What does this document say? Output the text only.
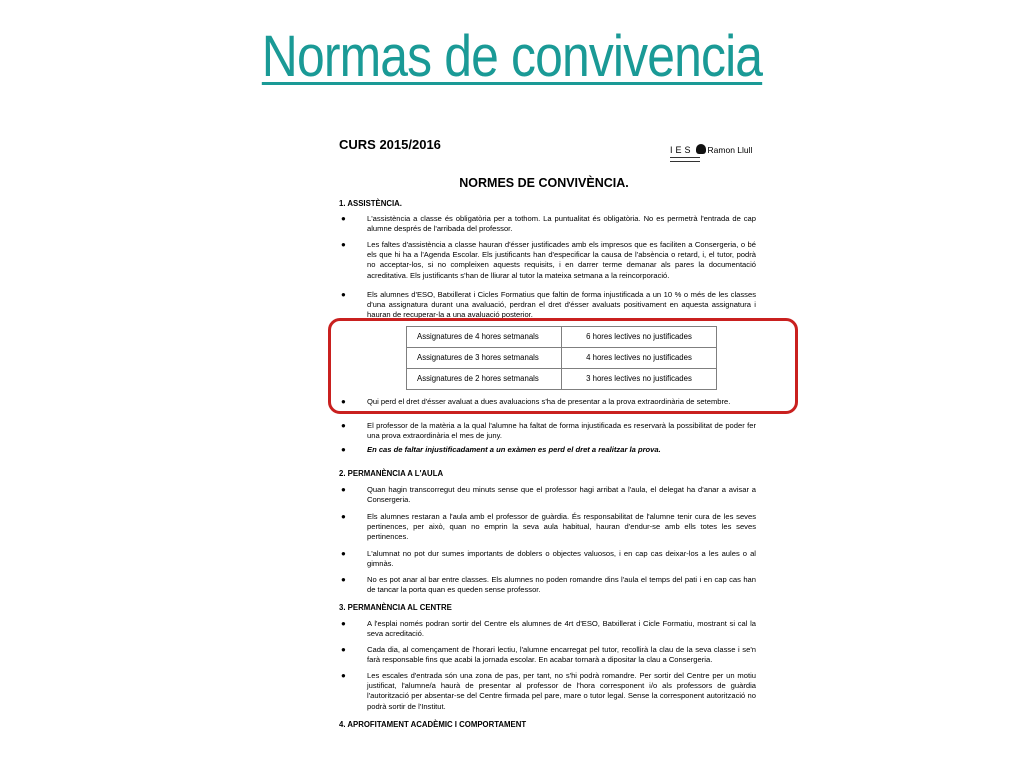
Normas de convivencia
CURS 2015/2016	IES Ramon Llull
NORMES DE CONVIVÈNCIA.
1. ASSISTÈNCIA.
●	L'assistència a classe és obligatòria per a tothom. La puntualitat és obligatòria. No es permetrà l'entrada de cap alumne després de l'arribada del professor.
●	Les faltes d'assistència a classe hauran d'ésser justificades amb els impresos que es faciliten a Consergeria, o bé els que hi ha a l'Agenda Escolar. Els justificants han d'especificar la causa de l'absència o retard, i, el tutor, podrà no acceptar-los, si no compleixen aquests requisits, i en darrer terme demanar als pares la documentació acreditativa. Els justificants s'han de lliurar al tutor la mateixa setmana a la reincorporació.
●	Els alumnes d'ESO, Batxillerat i Cicles Formatius que faltin de forma injustificada a un 10 % o més de les classes d'una assignatura durant una avaluació, perdran el dret d'ésser avaluats positivament en aquesta assignatura i hauran de recuperar-la a una avaluació posterior.
Assignatures de 4 hores setmanals	6 hores lectives no justificades
Assignatures de 3 hores setmanals	4 hores lectives no justificades
Assignatures de 2 hores setmanals	3 hores lectives no justificades
●	Qui perd el dret d'ésser avaluat a dues avaluacions s'ha de presentar a la prova extraordinària de setembre.
●	El professor de la matèria a la qual l'alumne ha faltat de forma injustificada es reservarà la possibilitat de poder fer una prova extraordinària el mes de juny.
●	En cas de faltar injustificadament a un exàmen es perd el dret a realitzar la prova.
2. PERMANÈNCIA A L'AULA
●	Quan hagin transcorregut deu minuts sense que el professor hagi arribat a l'aula, el delegat ha d'anar a avisar a Consergeria.
●	Els alumnes restaran a l'aula amb el professor de guàrdia. És responsabilitat de l'alumne tenir cura de les seves pertinences, per això, quan no emprin la seva aula habitual, hauran d'endur-se amb ells totes les seves pertinences.
●	L'alumnat no pot dur sumes importants de doblers o objectes valuosos, i en cap cas deixar-los a les aules o al gimnàs.
●	No es pot anar al bar entre classes. Els alumnes no poden romandre dins l'aula el temps del pati i en cap cas han de tancar la porta quan es queden sense professor.
3. PERMANÈNCIA AL CENTRE
●	A l'esplai només podran sortir del Centre els alumnes de 4rt d'ESO, Batxillerat i Cicle Formatiu, mostrant si cal la seva acreditació.
●	Cada dia, al començament de l'horari lectiu, l'alumne encarregat pel tutor, recollirà la clau de la seva classe i se'n farà responsable fins que acabi la jornada escolar. En acabar tornarà a dipositar la clau a Consergeria.
●	Les escales d'entrada són una zona de pas, per tant, no s'hi podrà romandre. Per sortir del Centre per un motiu justificat, l'alumne/a haurà de presentar al professor de l'hora corresponent i/o als professors de guàrdia l'autorització per absentar-se del Centre firmada pel pare, mare o tutor legal. Sense la corresponent autorització no podrà sortir de l'Institut.
4. APROFITAMENT ACADÈMIC I COMPORTAMENT
